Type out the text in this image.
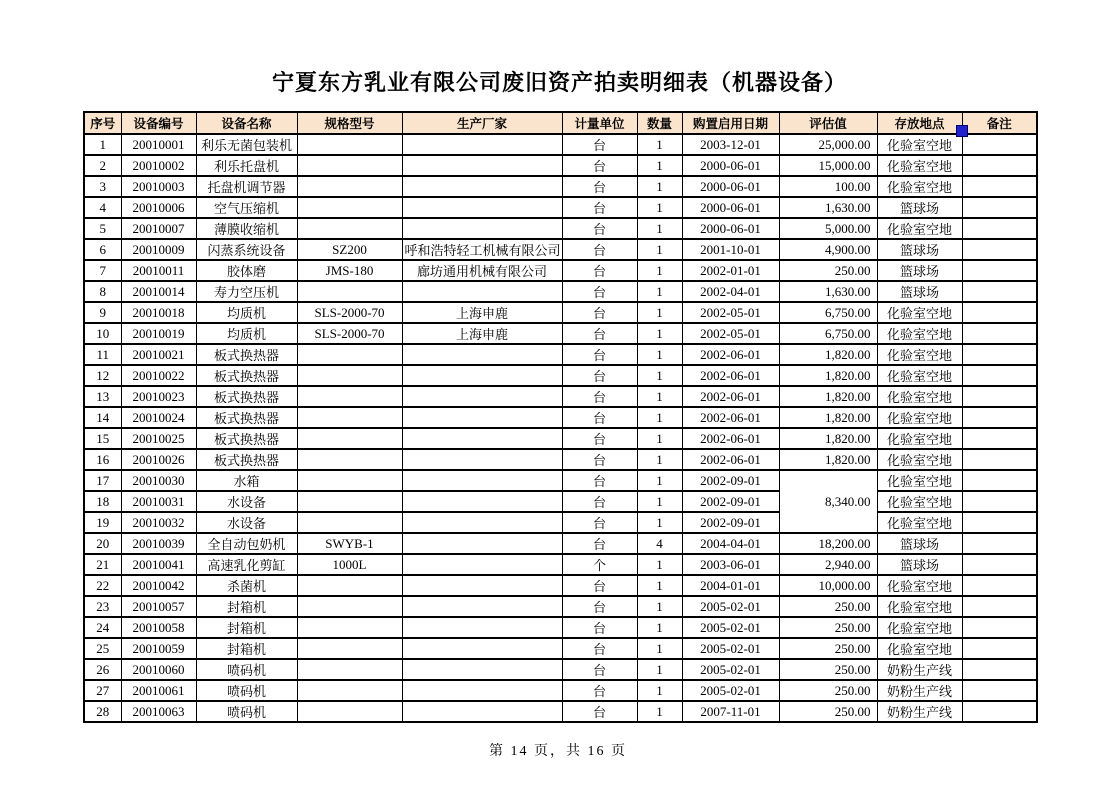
宁夏东方乳业有限公司废旧资产拍卖明细表（机器设备）
序号	设备编号	设备名称	规格型号	生产厂家	计量单位	数量	购置启用日期	评估值	存放地点	备注
1	20010001	利乐无菌包装机			台	1	2003-12-01	25,000.00	化验室空地	
2	20010002	利乐托盘机			台	1	2000-06-01	15,000.00	化验室空地	
3	20010003	托盘机调节器			台	1	2000-06-01	100.00	化验室空地	
4	20010006	空气压缩机			台	1	2000-06-01	1,630.00	篮球场	
5	20010007	薄膜收缩机			台	1	2000-06-01	5,000.00	化验室空地	
6	20010009	闪蒸系统设备	SZ200	呼和浩特轻工机械有限公司	台	1	2001-10-01	4,900.00	篮球场	
7	20010011	胶体磨	JMS-180	廊坊通用机械有限公司	台	1	2002-01-01	250.00	篮球场	
8	20010014	寿力空压机			台	1	2002-04-01	1,630.00	篮球场	
9	20010018	均质机	SLS-2000-70	上海申鹿	台	1	2002-05-01	6,750.00	化验室空地	
10	20010019	均质机	SLS-2000-70	上海申鹿	台	1	2002-05-01	6,750.00	化验室空地	
11	20010021	板式换热器			台	1	2002-06-01	1,820.00	化验室空地	
12	20010022	板式换热器			台	1	2002-06-01	1,820.00	化验室空地	
13	20010023	板式换热器			台	1	2002-06-01	1,820.00	化验室空地	
14	20010024	板式换热器			台	1	2002-06-01	1,820.00	化验室空地	
15	20010025	板式换热器			台	1	2002-06-01	1,820.00	化验室空地	
16	20010026	板式换热器			台	1	2002-06-01	1,820.00	化验室空地	
17	20010030	水箱			台	1	2002-09-01	8,340.00	化验室空地	
18	20010031	水设备			台	1	2002-09-01		化验室空地	
19	20010032	水设备			台	1	2002-09-01		化验室空地	
20	20010039	全自动包奶机	SWYB-1		台	4	2004-04-01	18,200.00	篮球场	
21	20010041	高速乳化剪缸	1000L		个	1	2003-06-01	2,940.00	篮球场	
22	20010042	杀菌机			台	1	2004-01-01	10,000.00	化验室空地	
23	20010057	封箱机			台	1	2005-02-01	250.00	化验室空地	
24	20010058	封箱机			台	1	2005-02-01	250.00	化验室空地	
25	20010059	封箱机			台	1	2005-02-01	250.00	化验室空地	
26	20010060	喷码机			台	1	2005-02-01	250.00	奶粉生产线	
27	20010061	喷码机			台	1	2005-02-01	250.00	奶粉生产线	
28	20010063	喷码机			台	1	2007-11-01	250.00	奶粉生产线	
第 14 页，共 16 页
